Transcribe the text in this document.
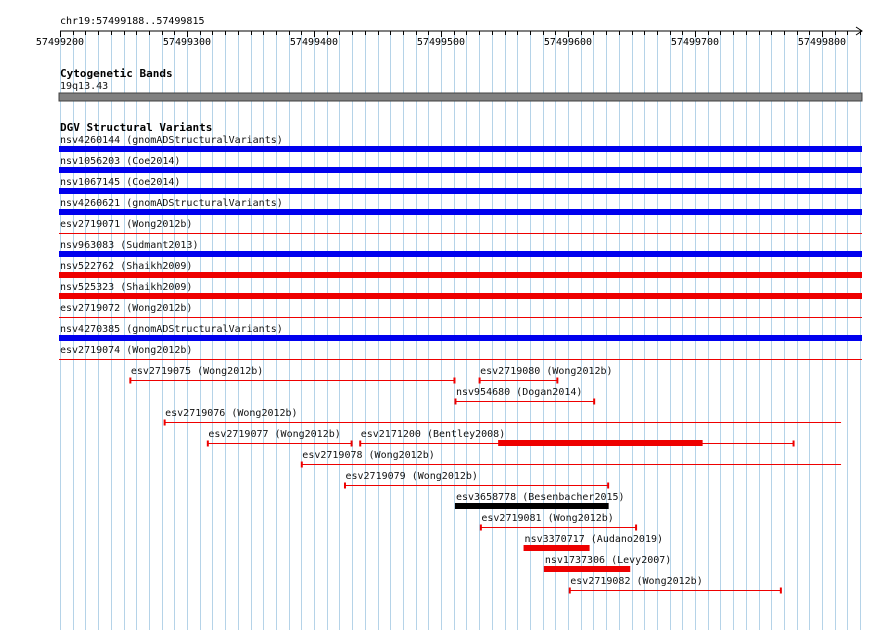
chr19:57499188..57499815
57499200	57499300	57499400	57499500	57499600	57499700	57499800
Cytogenetic Bands
19q13.43
DGV Structural Variants
nsv4260144 (gnomADStructuralVariants)
nsv1056203 (Coe2014)
nsv1067145 (Coe2014)
nsv4260621 (gnomADStructuralVariants)
esv2719071 (Wong2012b)
nsv963083 (Sudmant2013)
nsv522762 (Shaikh2009)
nsv525323 (Shaikh2009)
esv2719072 (Wong2012b)
nsv4270385 (gnomADStructuralVariants)
esv2719074 (Wong2012b)
esv2719075 (Wong2012b)
nsv954680 (Dogan2014)
esv2719076 (Wong2012b)
esv2719077 (Wong2012b) esv2171200 (Bentley2008)
esv2719078 (Wong2012b)
esv2719079 (Wong2012b)
esv3658778 (Besenbacher2015)
esv2719080 (Wong2012b)
esv2719081 (Wong2012b)
nsv3370717 (Audano2019)
nsv1737306 (Levy2007)
esv2719082 (Wong2012b)
